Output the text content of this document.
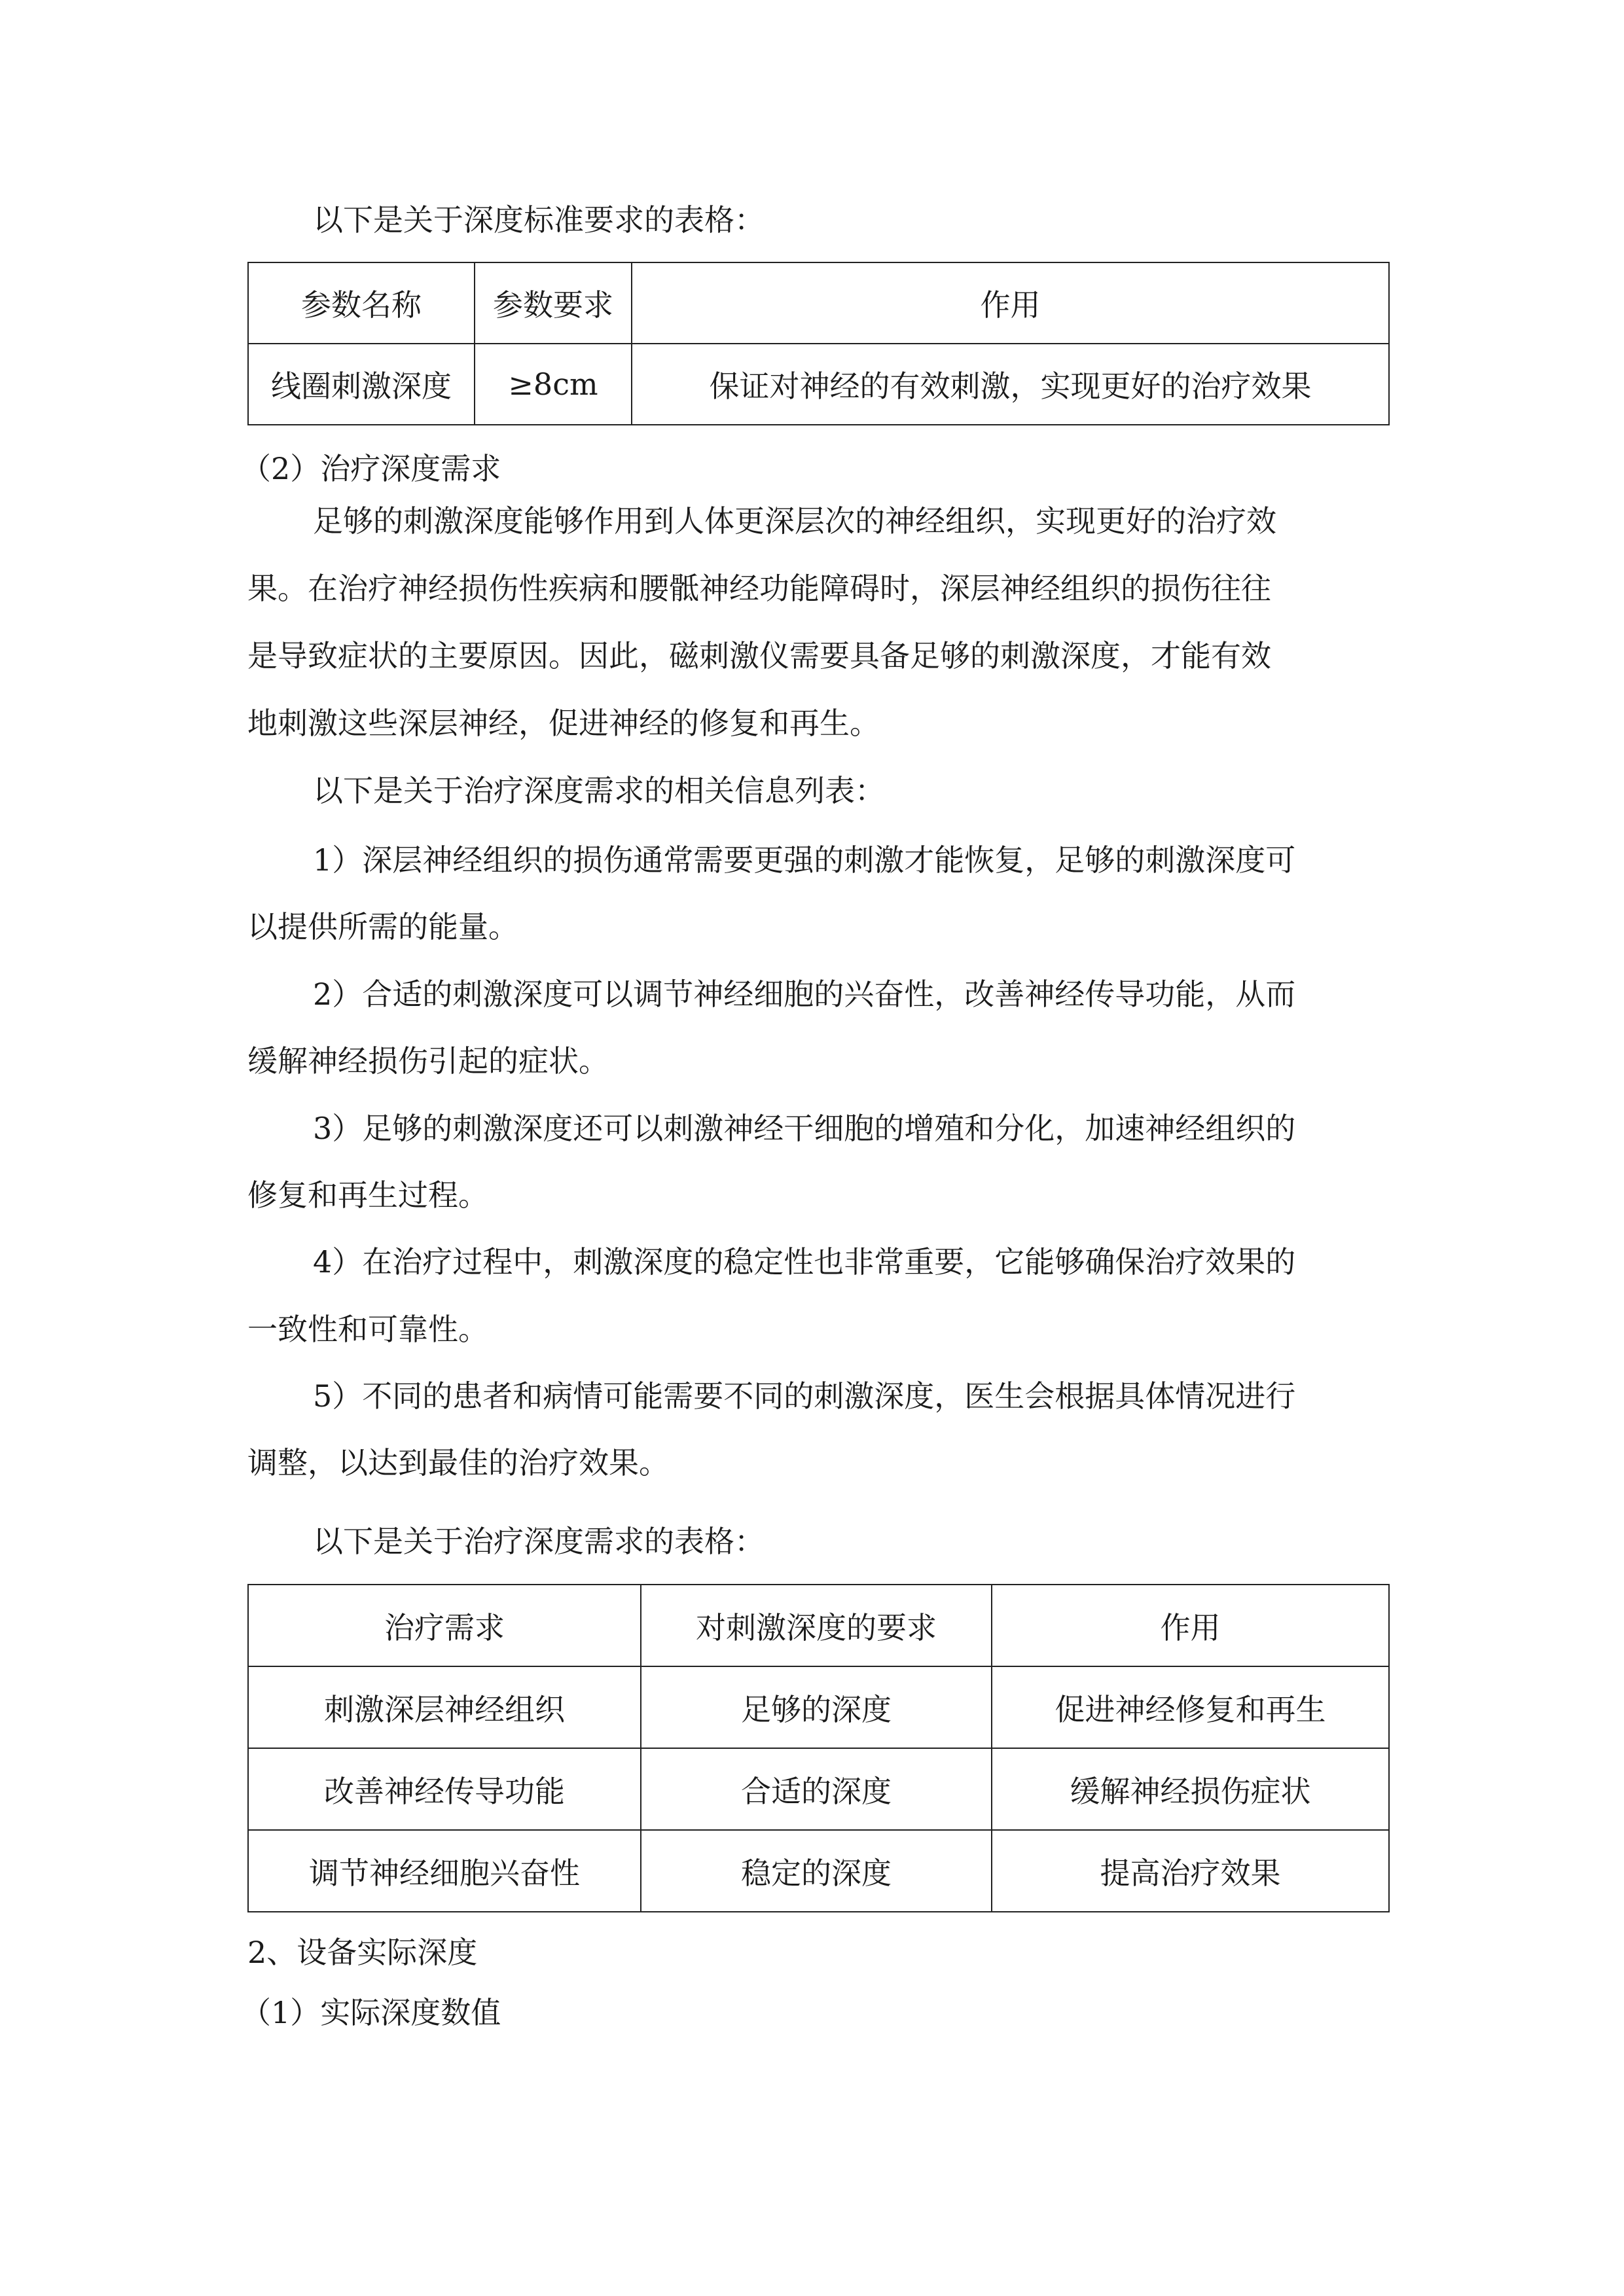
以下是关于深度标准要求的表格：
参数名称	参数要求	作用
线圈刺激深度	≥8cm	保证对神经的有效刺激，实现更好的治疗效果
（2）治疗深度需求
足够的刺激深度能够作用到人体更深层次的神经组织，实现更好的治疗效
果。在治疗神经损伤性疾病和腰骶神经功能障碍时，深层神经组织的损伤往往
是导致症状的主要原因。因此，磁刺激仪需要具备足够的刺激深度，才能有效
地刺激这些深层神经，促进神经的修复和再生。
以下是关于治疗深度需求的相关信息列表：
1）深层神经组织的损伤通常需要更强的刺激才能恢复，足够的刺激深度可
以提供所需的能量。
2）合适的刺激深度可以调节神经细胞的兴奋性，改善神经传导功能，从而
缓解神经损伤引起的症状。
3）足够的刺激深度还可以刺激神经干细胞的增殖和分化，加速神经组织的
修复和再生过程。
4）在治疗过程中，刺激深度的稳定性也非常重要，它能够确保治疗效果的
一致性和可靠性。
5）不同的患者和病情可能需要不同的刺激深度，医生会根据具体情况进行
调整，以达到最佳的治疗效果。
以下是关于治疗深度需求的表格：
治疗需求	对刺激深度的要求	作用
刺激深层神经组织	足够的深度	促进神经修复和再生
改善神经传导功能	合适的深度	缓解神经损伤症状
调节神经细胞兴奋性	稳定的深度	提高治疗效果
2、设备实际深度
（1）实际深度数值
